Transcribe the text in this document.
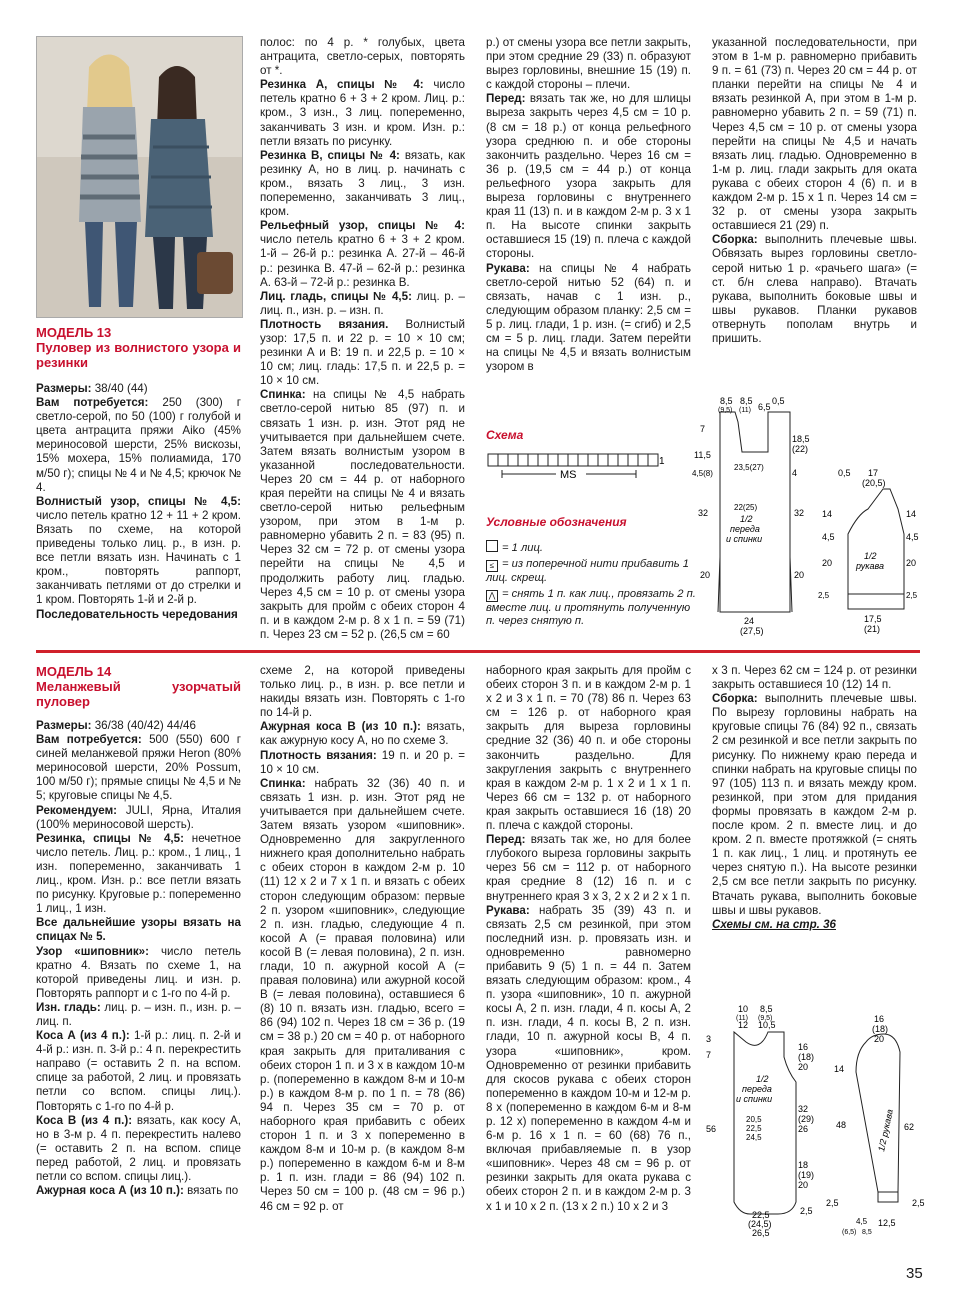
МОДЕЛЬ 13

Пуловер из волнистого узора и резинки

Размеры: 38/40 (44)

Вам потребуется: 250 (300) г светло-серой, по 50 (100) г голубой и цвета антрацита пряжи Aiko (45% мериносовой шерсти, 25% вискозы, 15% мохера, 15% полиамида, 170 м/50 г); спицы № 4 и № 4,5; крючок № 4.

Волнистый узор, спицы № 4,5: число петель кратно 12 + 11 + 2 кром. Вязать по схеме, на которой приведены только лиц. р., в изн. р. все петли вязать изн. Начинать с 1 кром., повторять раппорт, заканчивать петлями от до стрелки и 1 кром. Повторять 1-й и 2-й р.

Последовательность чередования

полос: по 4 р. * голубых, цвета антрацита, светло-серых, повторять от *.

Резинка А, спицы № 4: число петель кратно 6 + 3 + 2 кром. Лиц. р.: кром., 3 изн., 3 лиц. попеременно, заканчивать 3 изн. и кром. Изн. р.: петли вязать по рисунку.

Резинка В, спицы № 4: вязать, как резинку А, но в лиц. р. начинать с кром., вязать 3 лиц., 3 изн. попеременно, заканчивать 3 лиц., кром.

Рельефный узор, спицы № 4: число петель кратно 6 + 3 + 2 кром. 1-й – 26-й р.: резинка А. 27-й – 46-й р.: резинка В. 47-й – 62-й р.: резинка А. 63-й – 72-й р.: резинка В.

Лиц. гладь, спицы № 4,5: лиц. р. – лиц. п., изн. р. – изн. п.

Плотность вязания. Волнистый узор: 17,5 п. и 22 р. = 10 × 10 см; резинки А и В: 19 п. и 22,5 р. = 10 × 10 см; лиц. гладь: 17,5 п. и 22,5 р. = 10 × 10 см.

Спинка: на спицы № 4,5 набрать светло-серой нитью 85 (97) п. и связать 1 изн. р. изн. Этот ряд не учитывается при дальнейшем счете. Затем вязать волнистым узором в указанной последовательности. Через 20 см = 44 р. от наборного края перейти на спицы № 4 и вязать светло-серой нитью рельефным узором, при этом в 1-м р. равномерно убавить 2 п. = 83 (95) п. Через 32 см = 72 р. от смены узора перейти на спицы № 4,5 и продолжить работу лиц. гладью. Через 4,5 см = 10 р. от смены узора закрыть для пройм с обеих сторон 4 п. и в каждом 2-м р. 8 х 1 п. = 59 (71) п. Через 23 см = 52 р. (26,5 см = 60

р.) от смены узора все петли закрыть, при этом средние 29 (33) п. образуют вырез горловины, внешние 15 (19) п. с каждой стороны – плечи.

Перед: вязать так же, но для шлицы выреза закрыть через 4,5 см = 10 р. (8 см = 18 р.) от конца рельефного узора среднюю п. и обе стороны закончить раздельно. Через 16 см = 36 р. (19,5 см = 44 р.) от конца рельефного узора закрыть для выреза горловины с внутреннего края 11 (13) п. и в каждом 2-м р. 3 х 1 п. На высоте спинки закрыть оставшиеся 15 (19) п. плеча с каждой стороны.

Рукава: на спицы № 4 набрать светло-серой нитью 52 (64) п. и связать, начав с 1 изн. р., следующим образом планку: 2,5 см = 5 р. лиц. глади, 1 р. изн. (= сгиб) и 2,5 см = 5 р. лиц. глади. Затем перейти на спицы № 4,5 и вязать волнистым узором в

указанной последовательности, при этом в 1-м р. равномерно прибавить 9 п. = 61 (73) п. Через 20 см = 44 р. от планки перейти на спицы № 4 и вязать резинкой А, при этом в 1-м р. равномерно убавить 2 п. = 59 (71) п. Через 4,5 см = 10 р. от смены узора перейти на спицы № 4,5 и начать вязать лиц. гладью. Одновременно в 1-м р. лиц. глади закрыть для оката рукава с обеих сторон 4 (6) п. и в каждом 2-м р. 15 х 1 п. Через 14 см = 32 р. от смены узора закрыть оставшиеся 21 (29) п.

Сборка: выполнить плечевые швы. Обвязать вырез горловины светло-серой нитью 1 р. «рачьего шага» (= ст. б/н слева направо). Втачать рукава, выполнить боковые швы и швы рукавов. Планки рукавов отвернуть пополам внутрь и пришить.

Схема
1
MS
Условные обозначения
= 1 лиц.
≤ = из поперечной нити прибавить 1 лиц. скрещ.
⋀ = снять 1 п. как лиц., провязать 2 п. вместе лиц. и протянуть полученную п. через снятую п.
1/2 переда и спинки
8,5
(9,5)
8,5
(11) 6,5
0,5
7
18,5
(22)
11,5
4,5(8)	4
23,5(27)
22(25)
32	32
20	20
24
(27,5)
1/2 рукава
0,5 17
(20,5)
14	14
4,5	4,5
20	20
2,5	2,5
17,5
(21)

МОДЕЛЬ 14

Меланжевый узорчатый пуловер

Размеры: 36/38 (40/42) 44/46

Вам потребуется: 500 (550) 600 г синей меланжевой пряжи Heron (80% мериносовой шерсти, 20% Possum, 100 м/50 г); прямые спицы № 4,5 и № 5; круговые спицы № 4,5.

Рекомендуем: JULI, Ярна, Италия (100% мериносовой шерсть).

Резинка, спицы № 4,5: нечетное число петель. Лиц. р.: кром., 1 лиц., 1 изн. попеременно, заканчивать 1 лиц., кром. Изн. р.: все петли вязать по рисунку. Круговые р.: попеременно 1 лиц., 1 изн.

Все дальнейшие узоры вязать на спицах № 5.

Узор «шиповник»: число петель кратно 4. Вязать по схеме 1, на которой приведены лиц. и изн. р. Повторять раппорт и с 1-го по 4-й р.

Изн. гладь: лиц. р. – изн. п., изн. р. – лиц. п.

Коса А (из 4 п.): 1-й р.: лиц. п. 2-й и 4-й р.: изн. п. 3-й р.: 4 п. перекрестить направо (= оставить 2 п. на вспом. спице за работой, 2 лиц. и провязать петли со вспом. спицы лиц.). Повторять с 1-го по 4-й р.

Коса В (из 4 п.): вязать, как косу А, но в 3-м р. 4 п. перекрестить налево (= оставить 2 п. на вспом. спице перед работой, 2 лиц. и провязать петли со вспом. спицы лиц.).

Ажурная коса А (из 10 п.): вязать по

схеме 2, на которой приведены только лиц. р., в изн. р. все петли и накиды вязать изн. Повторять с 1-го по 14-й р.

Ажурная коса В (из 10 п.): вязать, как ажурную косу А, но по схеме 3.

Плотность вязания: 19 п. и 20 р. = 10 × 10 см.

Спинка: набрать 32 (36) 40 п. и связать 1 изн. р. изн. Этот ряд не учитывается при дальнейшем счете. Затем вязать узором «шиповник». Одновременно для закругленного нижнего края дополнительно набрать с обеих сторон в каждом 2-м р. 10 (11) 12 х 2 и 7 х 1 п. и вязать с обеих сторон следующим образом: первые 2 п. узором «шиповник», следующие 2 п. изн. гладью, следующие 4 п. косой А (= правая половина) или косой В (= левая половина), 2 п. изн. глади, 10 п. ажурной косой А (= правая половина) или ажурной косой В (= левая половина), оставшиеся 6 (8) 10 п. вязать изн. гладью, всего = 86 (94) 102 п. Через 18 см = 36 р. (19 см = 38 р.) 20 см = 40 р. от наборного края закрыть для приталивания с обеих сторон 1 п. и 3 х в каждом 10-м р. (попеременно в каждом 8-м и 10-м р.) в каждом 8-м р. по 1 п. = 78 (86) 94 п. Через 35 см = 70 р. от наборного края прибавить с обеих сторон 1 п. и 3 х попеременно в каждом 8-м и 10-м р. (в каждом 8-м р.) попеременно в каждом 6-м и 8-м р. 1 п. изн. глади = 86 (94) 102 п. Через 50 см = 100 р. (48 см = 96 р.) 46 см = 92 р. от

наборного края закрыть для пройм с обеих сторон 3 п. и в каждом 2-м р. 1 х 2 и 3 х 1 п. = 70 (78) 86 п. Через 63 см = 126 р. от наборного края закрыть для выреза горловины средние 32 (36) 40 п. и обе стороны закончить раздельно. Для закругления закрыть с внутреннего края в каждом 2-м р. 1 х 2 и 1 х 1 п. Через 66 см = 132 р. от наборного края закрыть оставшиеся 16 (18) 20 п. плеча с каждой стороны.

Перед: вязать так же, но для более глубокого выреза горловины закрыть через 56 см = 112 р. от наборного края средние 8 (12) 16 п. и с внутреннего края 3 х 3, 2 х 2 и 2 х 1 п.

Рукава: набрать 35 (39) 43 п. и связать 2,5 см резинкой, при этом последний изн. р. провязать изн. и одновременно равномерно прибавить 9 (5) 1 п. = 44 п. Затем вязать следующим образом: кром., 4 п. узора «шиповник», 10 п. ажурной косы А, 2 п. изн. глади, 4 п. косы А, 2 п. изн. глади, 4 п. косы В, 2 п. изн. глади, 10 п. ажурной косы В, 4 п. узора «шиповник», кром. Одновременно от резинки прибавить для скосов рукава с обеих сторон попеременно в каждом 10-м и 12-м р. 8 х (попеременно в каждом 6-м и 8-м р. 12 х) попеременно в каждом 4-м и 6-м р. 16 х 1 п. = 60 (68) 76 п., включая прибавляемые п. в узор «шиповник». Через 48 см = 96 р. от резинки закрыть для оката рукава с обеих сторон 2 п. и в каждом 2-м р. 3 х 1 и 10 х 2 п. (13 х 2 п.) 10 х 2 и 3

х 3 п. Через 62 см = 124 р. от резинки закрыть оставшиеся 10 (12) 14 п.

Сборка: выполнить плечевые швы. По вырезу горловины набрать на круговые спицы 76 (84) 92 п., связать 2 см резинкой и все петли закрыть по рисунку. По нижнему краю переда и спинки набрать на круговые спицы по 97 (105) 113 п. и вязать между кром. резинкой, при этом для придания формы провязать в каждом 2-м р. после кром. 2 п. вместе лиц. и до кром. 2 п. вместе протяжкой (= снять 1 п. как лиц., 1 лиц. и протянуть ее через снятую п.). На высоте резинки 2,5 см все петли закрыть по рисунку. Втачать рукава, выполнить боковые швы и швы рукавов.

Схемы см. на стр. 36

1/2 переда и спинки
10
(11)
12
8,5
(9,5)
10,5
3
7
16
(18)
20
56
20,5
22,5
24,5
32
(29)
26
18
(19)
20
2,5
22,5
(24,5)
26,5
1/2 рукава
16
(18)
20
14
48	62
2,5	2,5
12,5
4,5
(6,5) 8,5
35
